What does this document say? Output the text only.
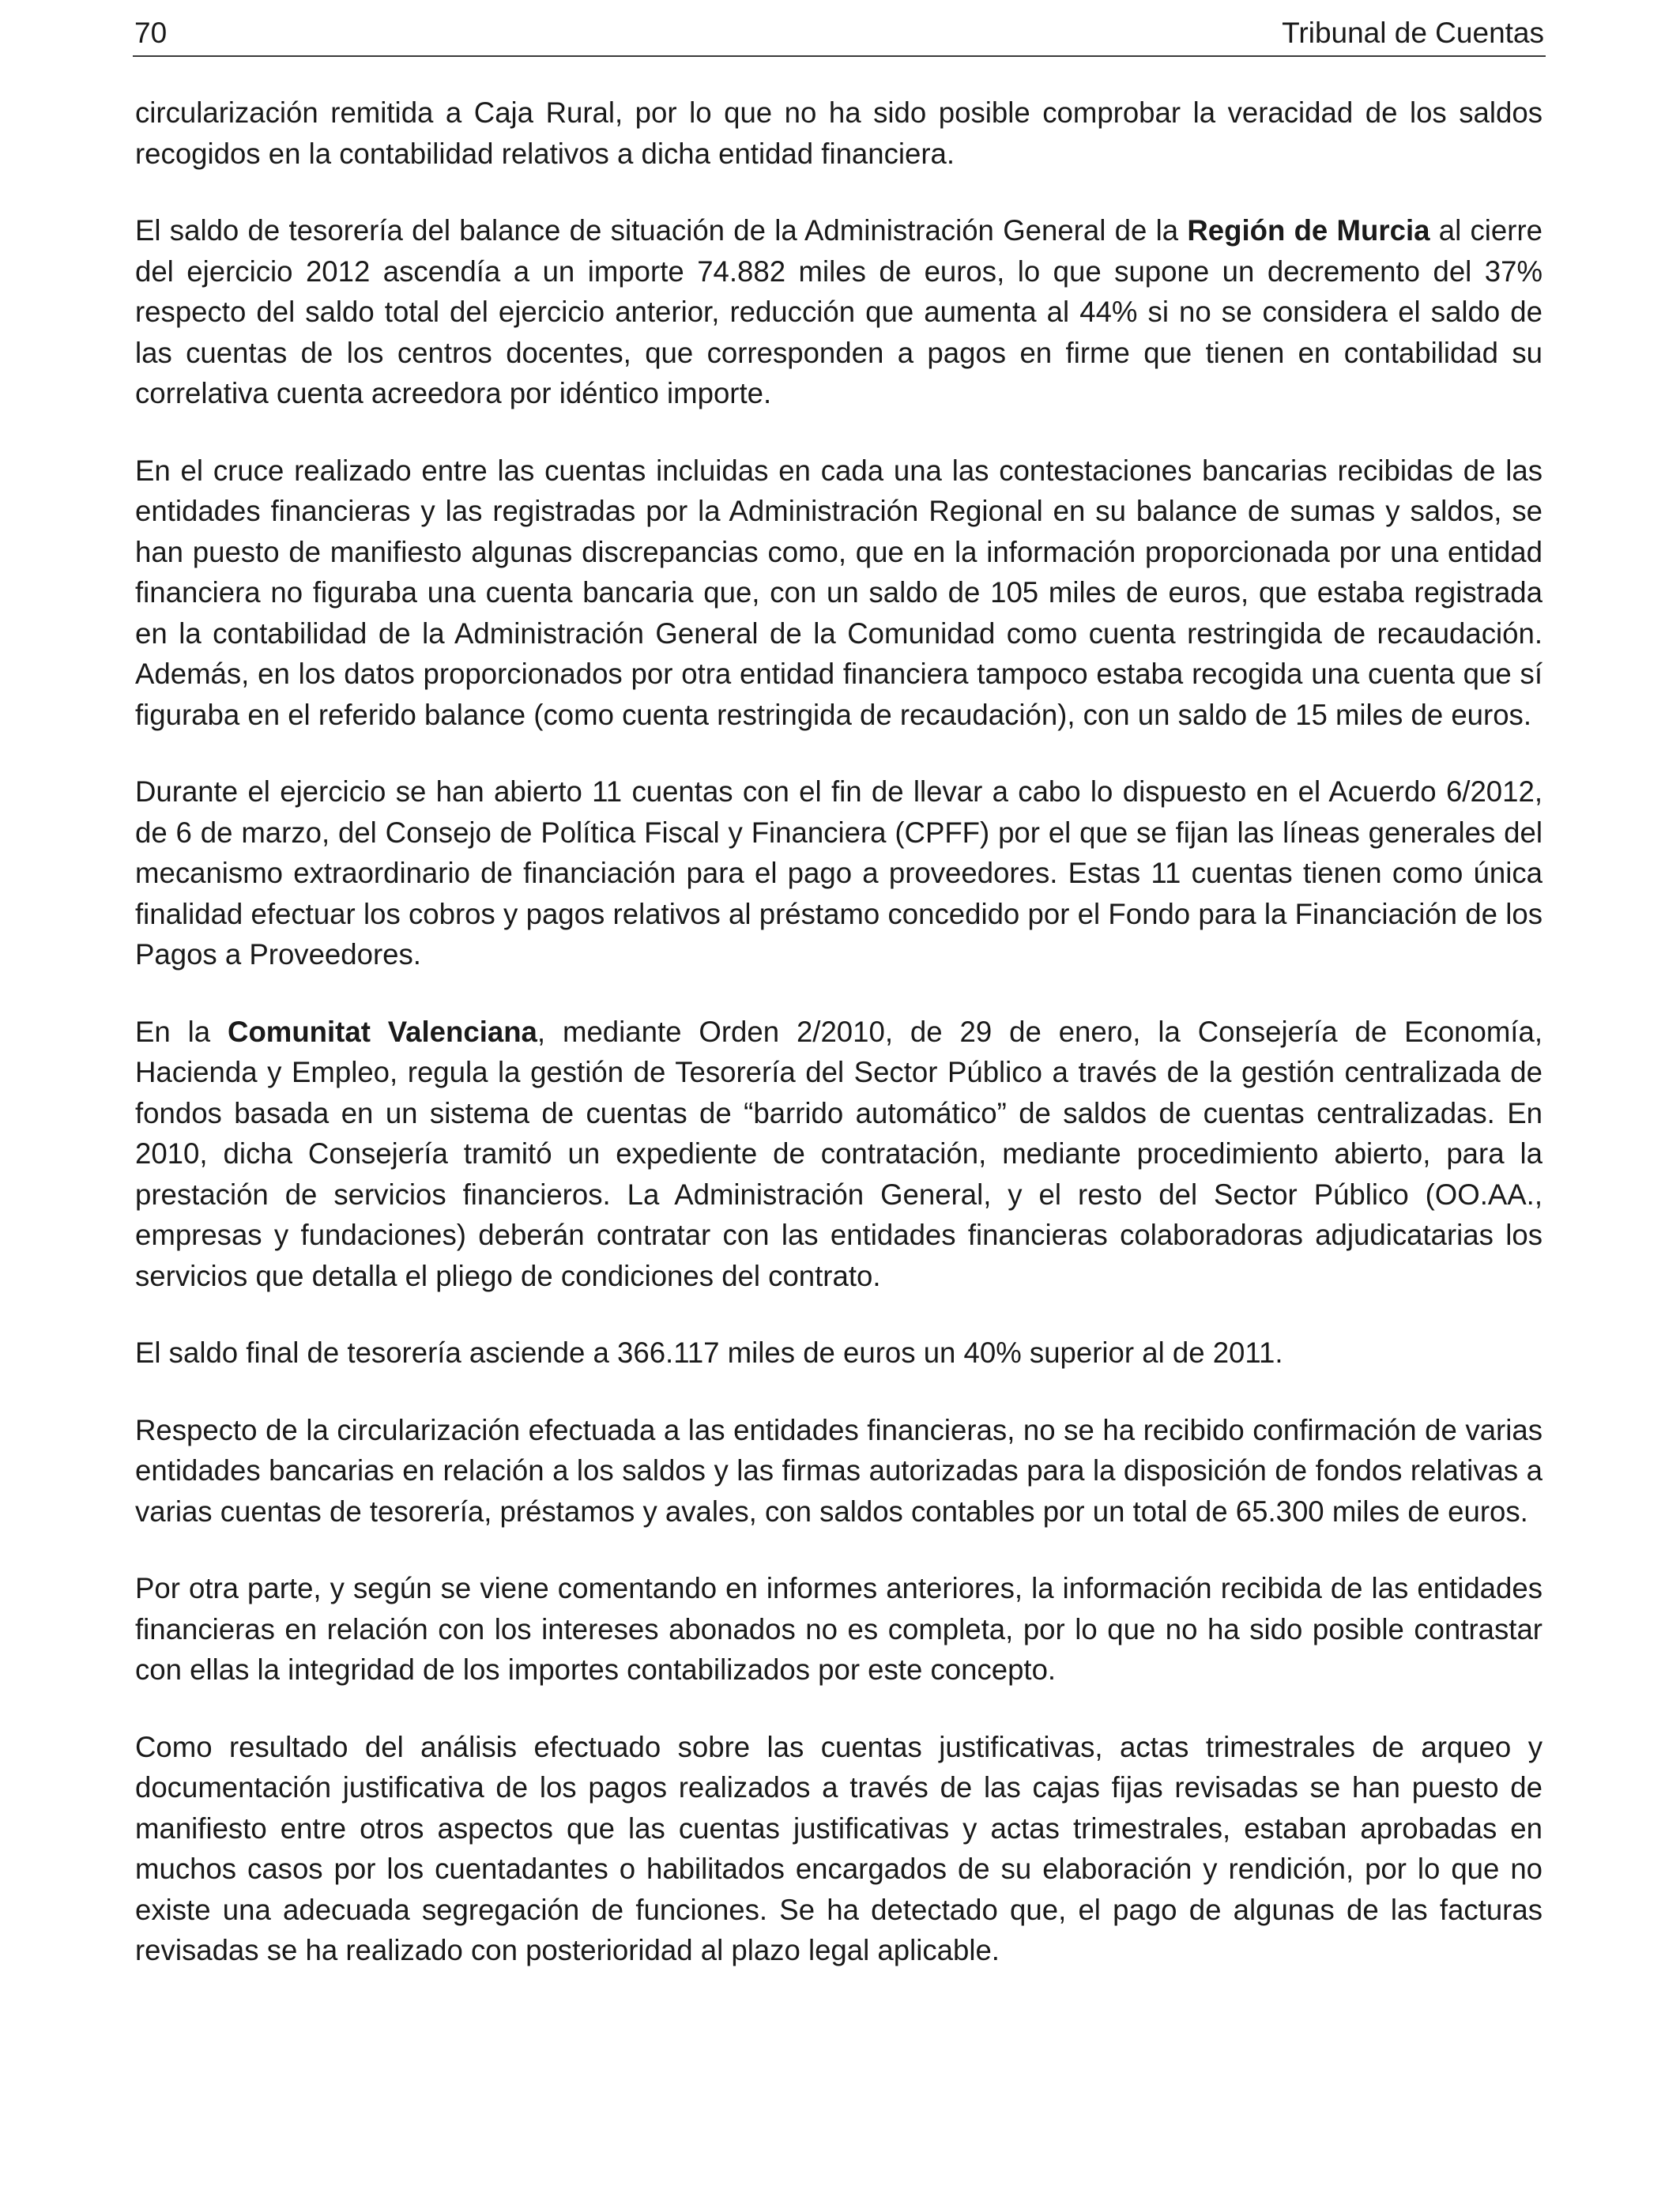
70	Tribunal de Cuentas

circularización remitida a Caja Rural, por lo que no ha sido posible comprobar la veracidad de los saldos recogidos en la contabilidad relativos a dicha entidad financiera.

El saldo de tesorería del balance de situación de la Administración General de la Región de Murcia al cierre del ejercicio 2012 ascendía a un importe 74.882 miles de euros, lo que supone un decremento del 37% respecto del saldo total del ejercicio anterior, reducción que aumenta al 44% si no se considera el saldo de las cuentas de los centros docentes, que corresponden a pagos en firme que tienen en contabilidad su correlativa cuenta acreedora por idéntico importe.

En el cruce realizado entre las cuentas incluidas en cada una las contestaciones bancarias recibidas de las entidades financieras y las registradas por la Administración Regional en su balance de sumas y saldos, se han puesto de manifiesto algunas discrepancias como, que en la información proporcionada por una entidad financiera no figuraba una cuenta bancaria que, con un saldo de 105 miles de euros, que estaba registrada en la contabilidad de la Administración General de la Comunidad como cuenta restringida de recaudación. Además, en los datos proporcionados por otra entidad financiera tampoco estaba recogida una cuenta que sí figuraba en el referido balance (como cuenta restringida de recaudación), con un saldo de 15 miles de euros.

Durante el ejercicio se han abierto 11 cuentas con el fin de llevar a cabo lo dispuesto en el Acuerdo 6/2012, de 6 de marzo, del Consejo de Política Fiscal y Financiera (CPFF) por el que se fijan las líneas generales del mecanismo extraordinario de financiación para el pago a proveedores. Estas 11 cuentas tienen como única finalidad efectuar los cobros y pagos relativos al préstamo concedido por el Fondo para la Financiación de los Pagos a Proveedores.

En la Comunitat Valenciana, mediante Orden 2/2010, de 29 de enero, la Consejería de Economía, Hacienda y Empleo, regula la gestión de Tesorería del Sector Público a través de la gestión centralizada de fondos basada en un sistema de cuentas de “barrido automático” de saldos de cuentas centralizadas. En 2010, dicha Consejería tramitó un expediente de contratación, mediante procedimiento abierto, para la prestación de servicios financieros. La Administración General, y el resto del Sector Público (OO.AA., empresas y fundaciones) deberán contratar con las entidades financieras colaboradoras adjudicatarias los servicios que detalla el pliego de condiciones del contrato.

El saldo final de tesorería asciende a 366.117 miles de euros un 40% superior al de 2011.

Respecto de la circularización efectuada a las entidades financieras, no se ha recibido confirmación de varias entidades bancarias en relación a los saldos y las firmas autorizadas para la disposición de fondos relativas a varias cuentas de tesorería, préstamos y avales, con saldos contables por un total de 65.300 miles de euros.

Por otra parte, y según se viene comentando en informes anteriores, la información recibida de las entidades financieras en relación con los intereses abonados no es completa, por lo que no ha sido posible contrastar con ellas la integridad de los importes contabilizados por este concepto.

Como resultado del análisis efectuado sobre las cuentas justificativas, actas trimestrales de arqueo y documentación justificativa de los pagos realizados a través de las cajas fijas revisadas se han puesto de manifiesto entre otros aspectos que las cuentas justificativas y actas trimestrales, estaban aprobadas en muchos casos por los cuentadantes o habilitados encargados de su elaboración y rendición, por lo que no existe una adecuada segregación de funciones. Se ha detectado que, el pago de algunas de las facturas revisadas se ha realizado con posterioridad al plazo legal aplicable.
